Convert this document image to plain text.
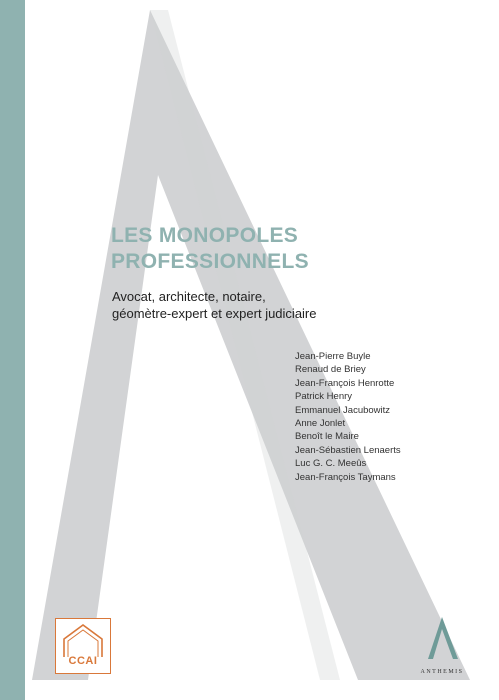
LES MONOPOLES
PROFESSIONNELS

Avocat, architecte, notaire,
géomètre-expert et expert judiciaire

Jean-Pierre Buyle
Renaud de Briey
Jean-François Henrotte
Patrick Henry
Emmanuel Jacubowitz
Anne Jonlet
Benoît le Maire
Jean-Sébastien Lenaerts
Luc G. C. Meeûs
Jean-François Taymans
CCAI
ANTHEMIS
